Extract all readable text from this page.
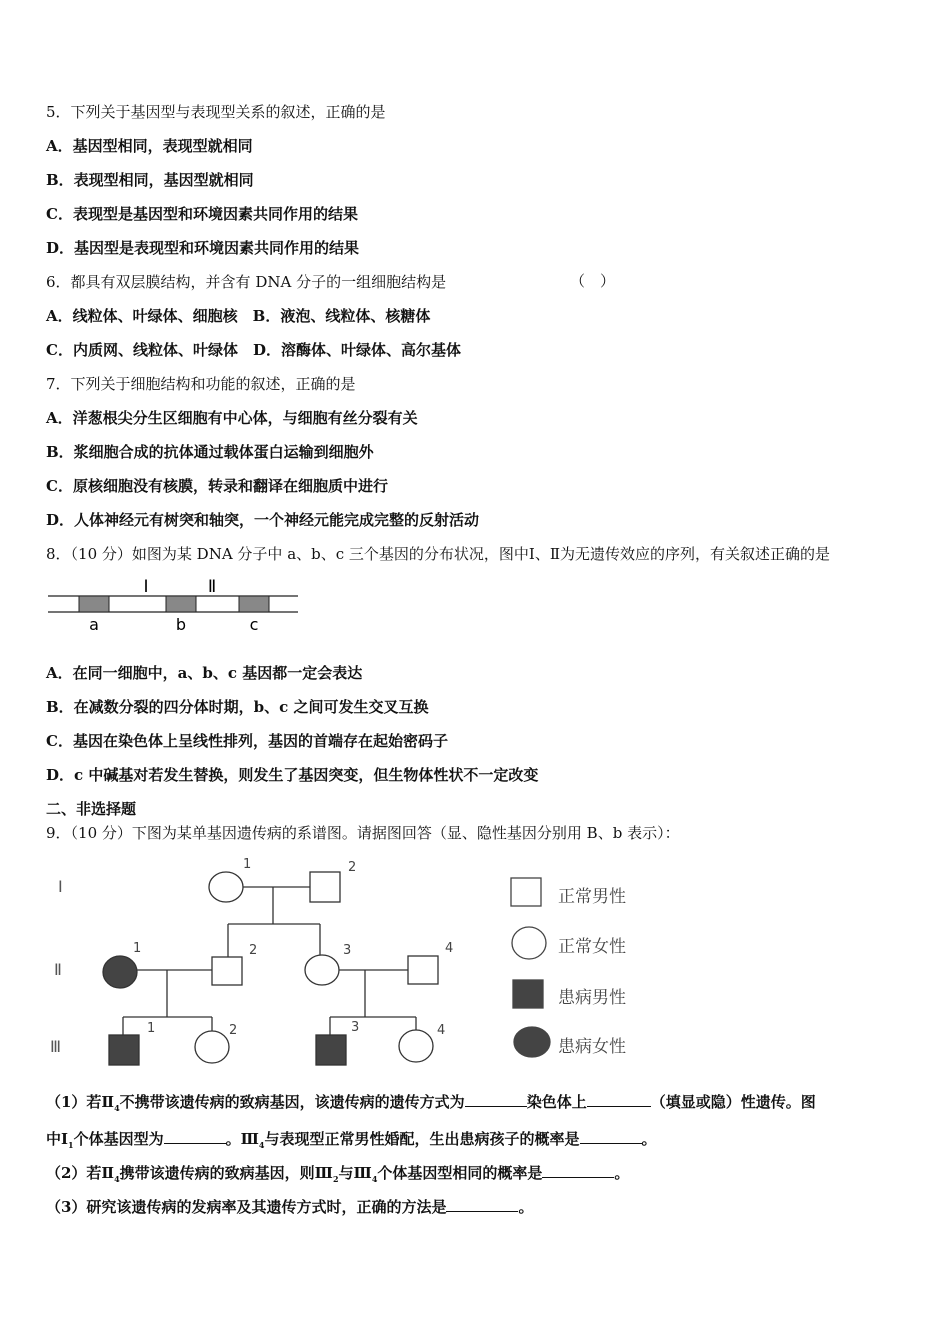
5．下列关于基因型与表现型关系的叙述，正确的是
A．基因型相同，表现型就相同
B．表现型相同，基因型就相同
C．表现型是基因型和环境因素共同作用的结果
D．基因型是表现型和环境因素共同作用的结果
6．都具有双层膜结构，并含有 DNA 分子的一组细胞结构是	（　）
A．线粒体、叶绿体、细胞核　B．液泡、线粒体、核糖体
C．内质网、线粒体、叶绿体　D．溶酶体、叶绿体、高尔基体
7．下列关于细胞结构和功能的叙述，正确的是
A．洋葱根尖分生区细胞有中心体，与细胞有丝分裂有关
B．浆细胞合成的抗体通过载体蛋白运输到细胞外
C．原核细胞没有核膜，转录和翻译在细胞质中进行
D．人体神经元有树突和轴突，一个神经元能完成完整的反射活动
8．（10 分）如图为某 DNA 分子中 a、b、c 三个基因的分布状况，图中Ⅰ、Ⅱ为无遗传效应的序列，有关叙述正确的是
Ⅰ	Ⅱ
a	b	c
A．在同一细胞中，a、b、c 基因都一定会表达
B．在减数分裂的四分体时期，b、c 之间可发生交叉互换
C．基因在染色体上呈线性排列，基因的首端存在起始密码子
D．c 中碱基对若发生替换，则发生了基因突变，但生物体性状不一定改变
二、非选择题
9．（10 分）下图为某单基因遗传病的系谱图。请据图回答（显、隐性基因分别用 B、b 表示）：
Ⅰ
Ⅱ
Ⅲ
1	2
1	2	3	4
1	2	3	4
正常男性
正常女性
患病男性
患病女性
（1）若$Ⅱ_4$不携带该遗传病的致病基因，该遗传病的遗传方式为	染色体上	（填显或隐）性遗传。图
中$Ⅰ_1$个体基因型为	。$Ⅲ_4$与表现型正常男性婚配，生出患病孩子的概率是	。
（2）若$Ⅱ_4$携带该遗传病的致病基因，则$Ⅲ_2$与$Ⅲ_4$个体基因型相同的概率是	。
（3）研究该遗传病的发病率及其遗传方式时，正确的方法是	。
